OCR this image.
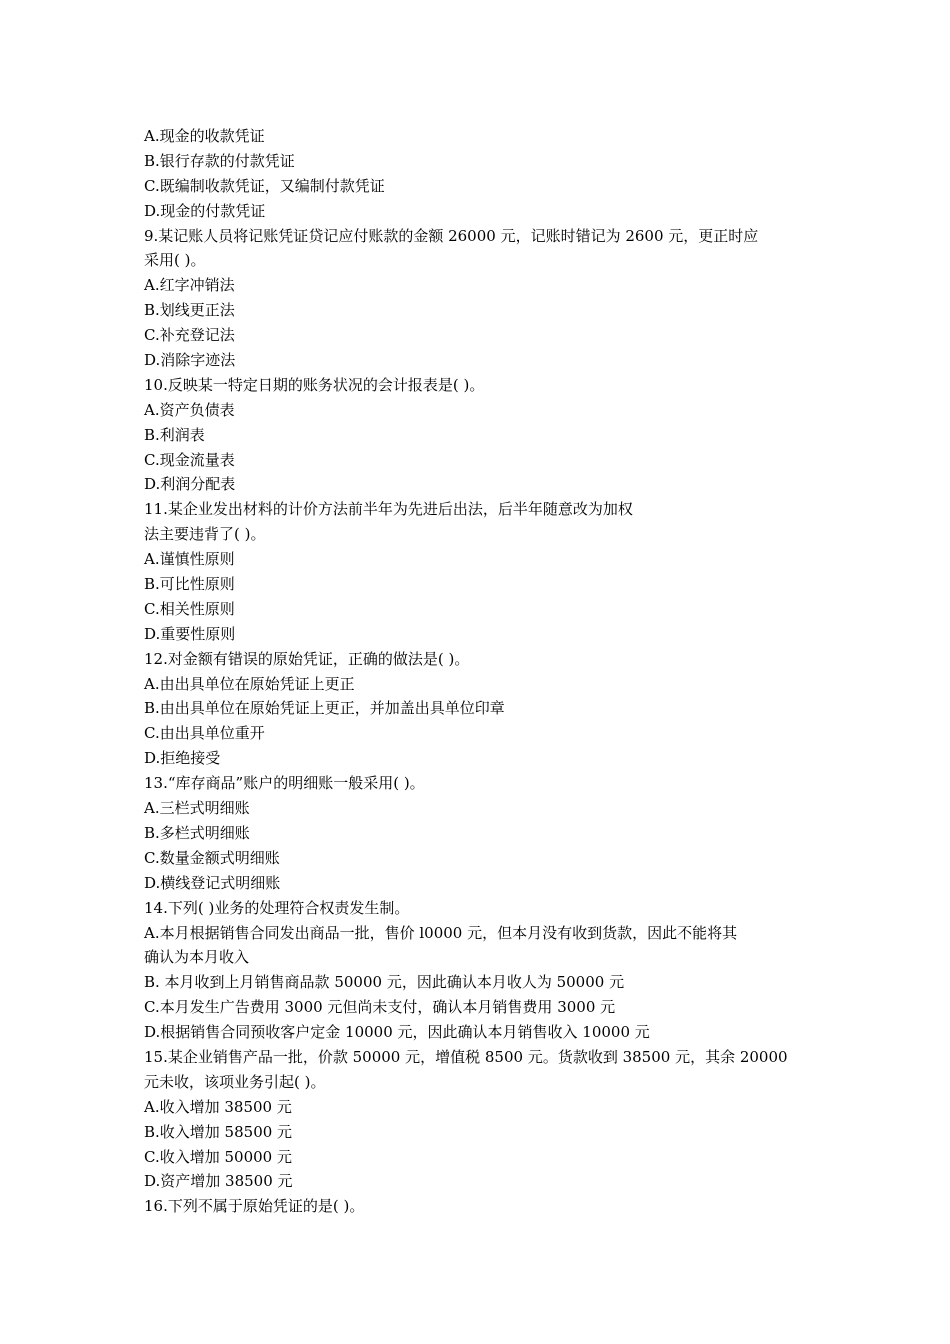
A.现金的收款凭证
B.银行存款的付款凭证
C.既编制收款凭证，又编制付款凭证
D.现金的付款凭证
9.某记账人员将记账凭证贷记应付账款的金额 26000 元，记账时错记为 2600 元，更正时应
采用( )。
A.红字冲销法
B.划线更正法
C.补充登记法
D.消除字迹法
10.反映某一特定日期的账务状况的会计报表是( )。
A.资产负债表
B.利润表
C.现金流量表
D.利润分配表
11.某企业发出材料的计价方法前半年为先进后出法，后半年随意改为加权
法主要违背了( )。
A.谨慎性原则
B.可比性原则
C.相关性原则
D.重要性原则
12.对金额有错误的原始凭证，正确的做法是( )。
A.由出具单位在原始凭证上更正
B.由出具单位在原始凭证上更正，并加盖出具单位印章
C.由出具单位重开
D.拒绝接受
13.“库存商品”账户的明细账一般采用( )。
A.三栏式明细账
B.多栏式明细账
C.数量金额式明细账
D.横线登记式明细账
14.下列( )业务的处理符合权责发生制。
A.本月根据销售合同发出商品一批，售价 l0000 元，但本月没有收到货款，因此不能将其
确认为本月收入
B. 本月收到上月销售商品款 50000 元，因此确认本月收人为 50000 元
C.本月发生广告费用 3000 元但尚未支付，确认本月销售费用 3000 元
D.根据销售合同预收客户定金 10000 元，因此确认本月销售收入 10000 元
15.某企业销售产品一批，价款 50000 元，增值税 8500 元。货款收到 38500 元，其余 20000
元未收，该项业务引起( )。
A.收入增加 38500 元
B.收入增加 58500 元
C.收入增加 50000 元
D.资产增加 38500 元
16.下列不属于原始凭证的是( )。
